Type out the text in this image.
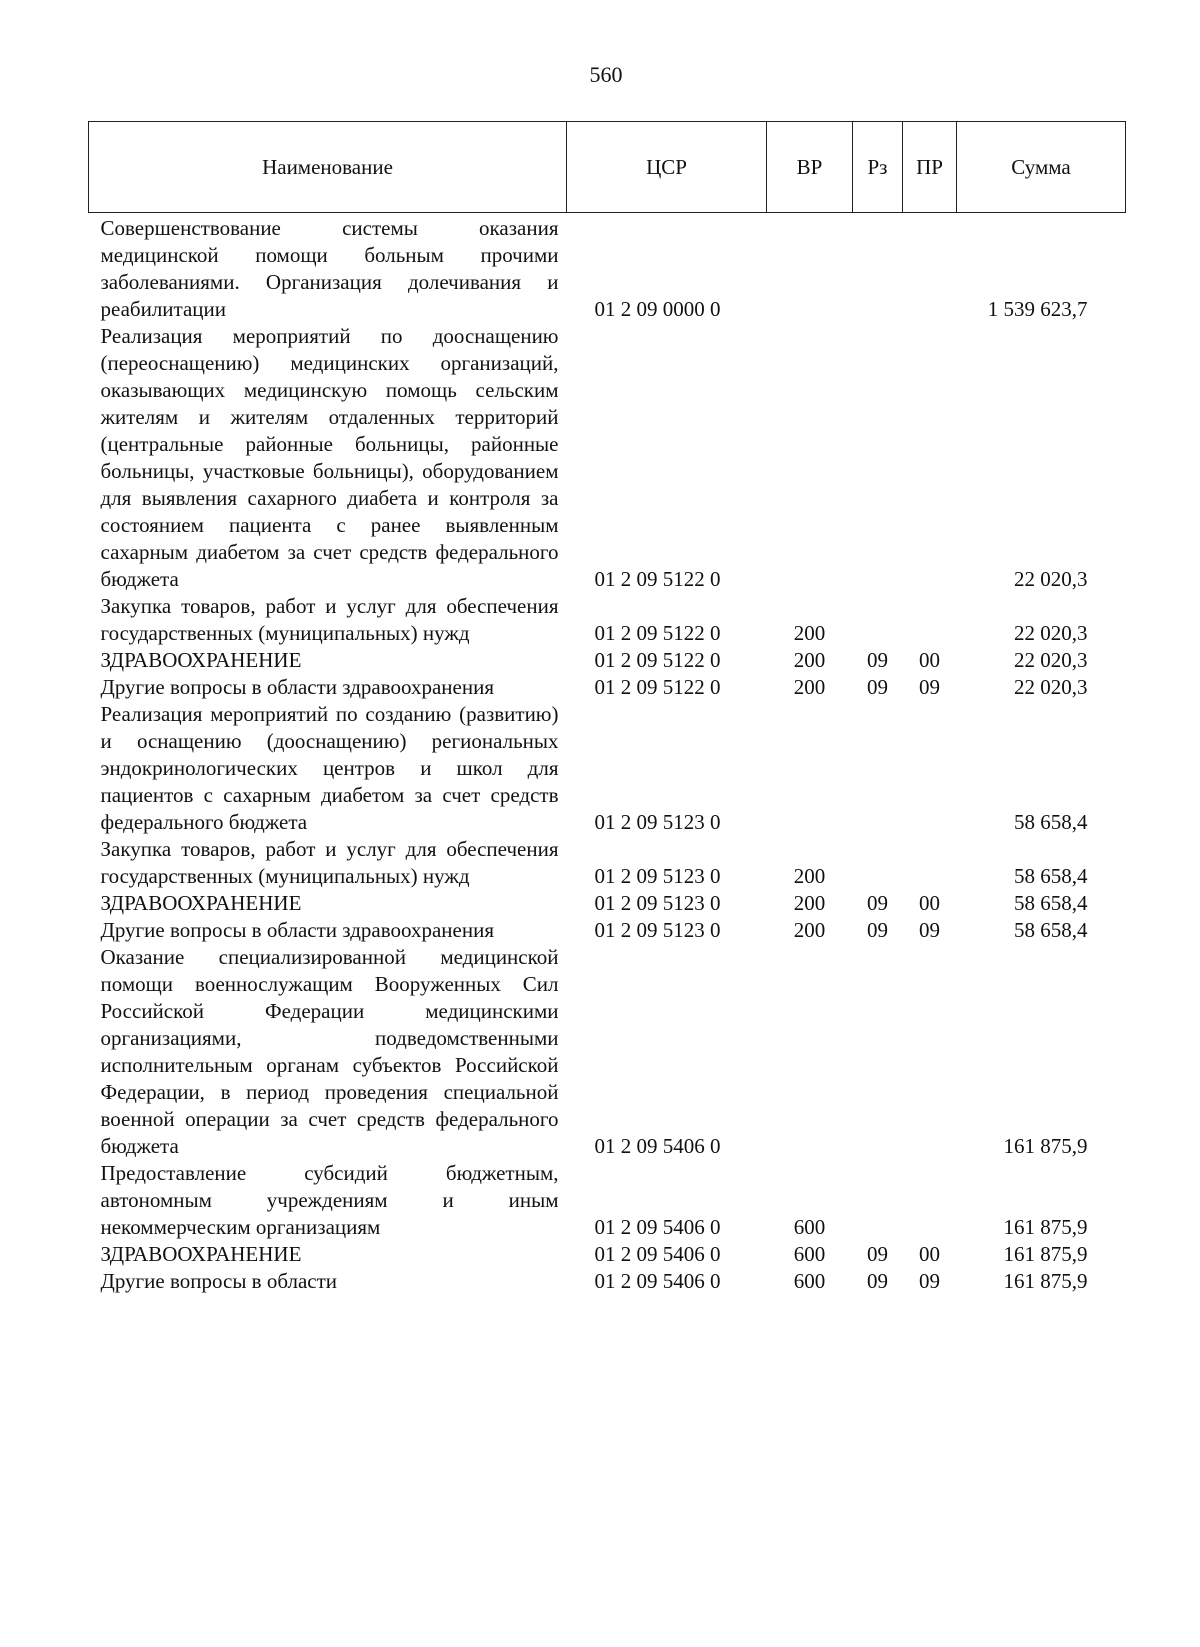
560
Наименование	ЦСР	ВР	Рз	ПР	Сумма
Совершенствование системы оказания медицинской помощи больным прочими заболеваниями. Организация долечивания и реабилитации	01 2 09 0000 0				1 539 623,7
Реализация мероприятий по дооснащению (переоснащению) медицинских организаций, оказывающих медицинскую помощь сельским жителям и жителям отдаленных территорий (центральные районные больницы, районные больницы, участковые больницы), оборудованием для выявления сахарного диабета и контроля за состоянием пациента с ранее выявленным сахарным диабетом за счет средств федерального бюджета	01 2 09 5122 0				22 020,3
Закупка товаров, работ и услуг для обеспечения государственных (муниципальных) нужд	01 2 09 5122 0	200			22 020,3
ЗДРАВООХРАНЕНИЕ	01 2 09 5122 0	200	09	00	22 020,3
Другие вопросы в области здравоохранения	01 2 09 5122 0	200	09	09	22 020,3
Реализация мероприятий по созданию (развитию) и оснащению (дооснащению) региональных эндокринологических центров и школ для пациентов с сахарным диабетом за счет средств федерального бюджета	01 2 09 5123 0				58 658,4
Закупка товаров, работ и услуг для обеспечения государственных (муниципальных) нужд	01 2 09 5123 0	200			58 658,4
ЗДРАВООХРАНЕНИЕ	01 2 09 5123 0	200	09	00	58 658,4
Другие вопросы в области здравоохранения	01 2 09 5123 0	200	09	09	58 658,4
Оказание специализированной медицинской помощи военнослужащим Вооруженных Сил Российской Федерации медицинскими организациями, подведомственными исполнительным органам субъектов Российской Федерации, в период проведения специальной военной операции за счет средств федерального бюджета	01 2 09 5406 0				161 875,9
Предоставление субсидий бюджетным, автономным учреждениям и иным некоммерческим организациям	01 2 09 5406 0	600			161 875,9
ЗДРАВООХРАНЕНИЕ	01 2 09 5406 0	600	09	00	161 875,9
Другие вопросы в области	01 2 09 5406 0	600	09	09	161 875,9
